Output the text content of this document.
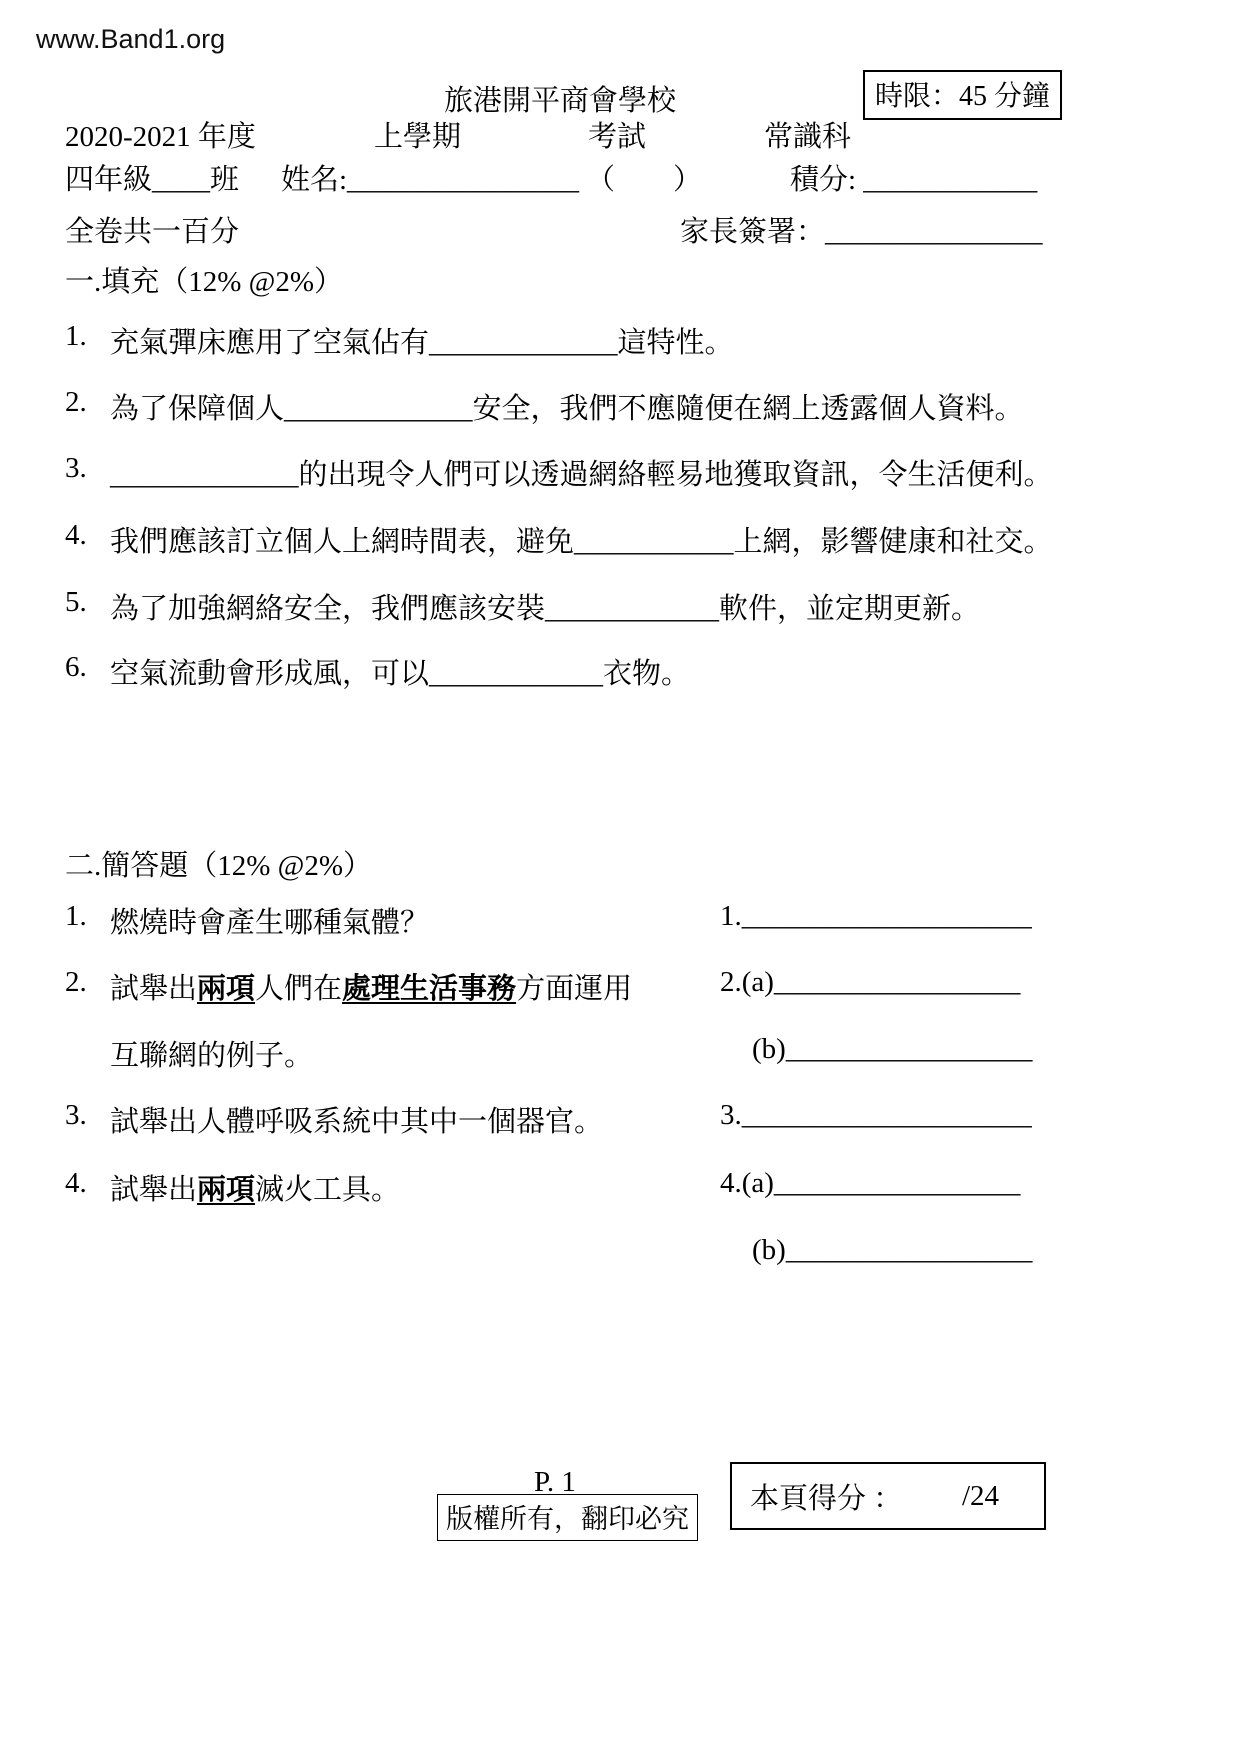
www.Band1.org
旅港開平商會學校	時限：45 分鐘
2020-2021 年度	上學期	考試	常識科
四年級____班 姓名:________________ （　　）	積分: ____________
全卷共一百分	家長簽署：_______________
一.填充（12% @2%）
1. 充氣彈床應用了空氣佔有_____________這特性。
2. 為了保障個人_____________安全，我們不應隨便在網上透露個人資料。
3. _____________的出現令人們可以透過網絡輕易地獲取資訊，令生活便利。
4. 我們應該訂立個人上網時間表，避免___________上網，影響健康和社交。
5. 為了加強網絡安全，我們應該安裝____________軟件，並定期更新。
6. 空氣流動會形成風，可以____________衣物。
二.簡答題（12% @2%）
1. 燃燒時會產生哪種氣體？	1.____________________
2. 試舉出兩項人們在處理生活事務方面運用	2.(a)_________________
互聯網的例子。	(b)_________________
3. 試舉出人體呼吸系統中其中一個器官。	3.____________________
4. 試舉出兩項滅火工具。	4.(a)_________________
(b)_________________
P. 1
版權所有，翻印必究
本頁得分 ： /24
